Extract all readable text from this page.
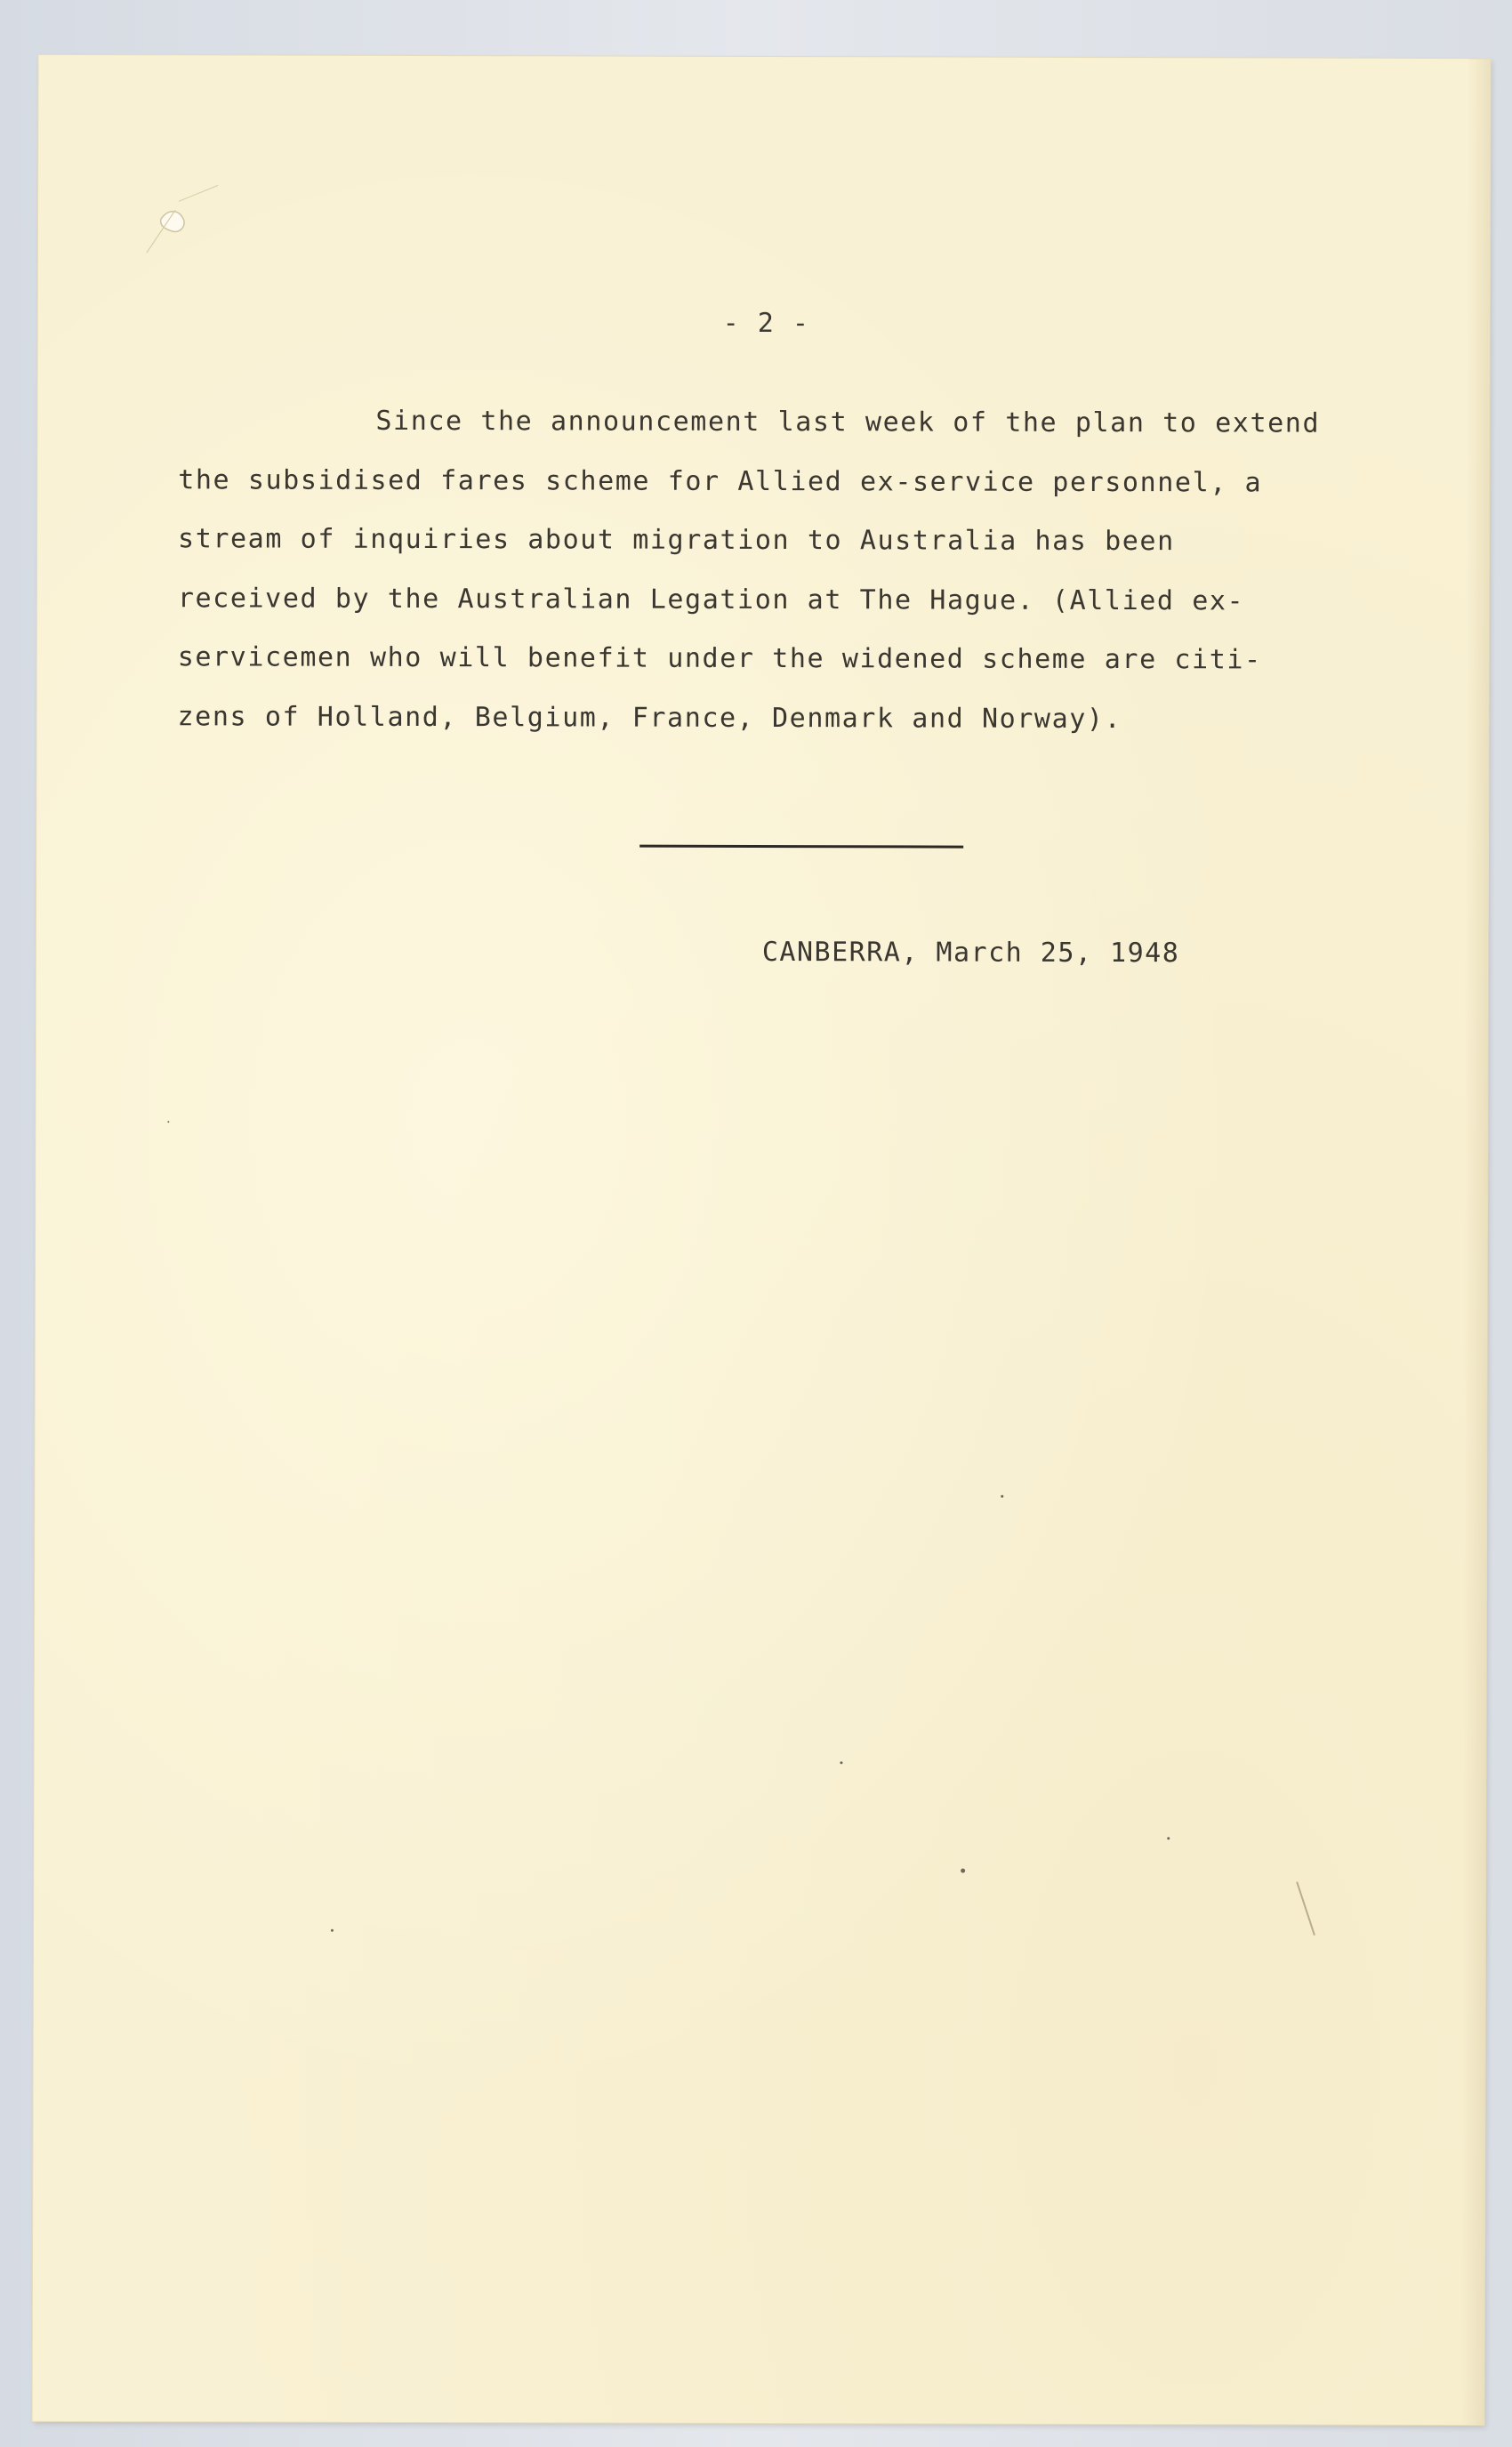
- 2 -
Since the announcement last week of the plan to extend
the subsidised fares scheme for Allied ex-service personnel, a
stream of inquiries about migration to Australia has been
received by the Australian Legation at The Hague. (Allied ex-
servicemen who will benefit under the widened scheme are citi-
zens of Holland, Belgium, France, Denmark and Norway).
CANBERRA, March 25, 1948
